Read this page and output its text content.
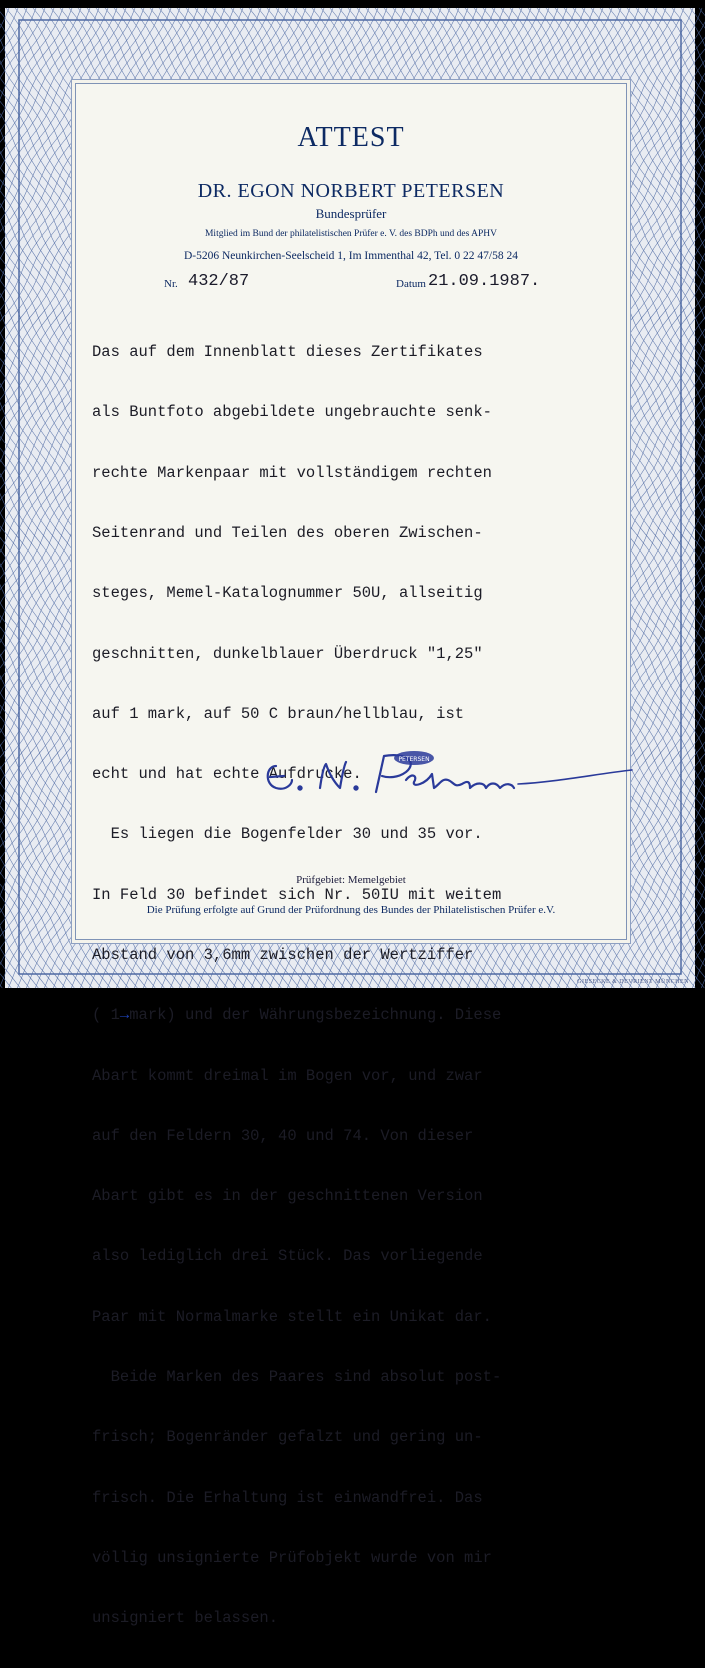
ATTEST
DR. EGON NORBERT PETERSEN
Bundesprüfer
Mitglied im Bund der philatelistischen Prüfer e. V. des BDPh und des APHV
D-5206 Neunkirchen-Seelscheid 1, Im Immenthal 42, Tel. 0 22 47/58 24
Nr. 432/87	Datum 21.09.1987.

Das auf dem Innenblatt dieses Zertifikates

als Buntfoto abgebildete ungebrauchte senk-

rechte Markenpaar mit vollständigem rechten

Seitenrand und Teilen des oberen Zwischen-

steges, Memel-Katalognummer 50U, allseitig

geschnitten, dunkelblauer Überdruck "1,25"

auf 1 mark, auf 50 C braun/hellblau, ist

echt und hat echte Aufdrucke.

Es liegen die Bogenfelder 30 und 35 vor.

In Feld 30 befindet sich Nr. 50IU mit weitem

Abstand von 3,6mm zwischen der Wertziffer

( 1→mark) und der Währungsbezeichnung. Diese

Abart kommt dreimal im Bogen vor, und zwar

auf den Feldern 30, 40 und 74. Von dieser

Abart gibt es in der geschnittenen Version

also lediglich drei Stück. Das vorliegende

Paar mit Normalmarke stellt ein Unikat dar.

Beide Marken des Paares sind absolut post-

frisch; Bogenränder gefalzt und gering un-

frisch. Die Erhaltung ist einwandfrei. Das

völlig unsignierte Prüfobjekt wurde von mir

unsigniert belassen.

PETERSEN
Prüfgebiet: Memelgebiet
Die Prüfung erfolgte auf Grund der Prüfordnung des Bundes der Philatelistischen Prüfer e.V.
GIESECKE & DEVRIENT MÜNCHEN
